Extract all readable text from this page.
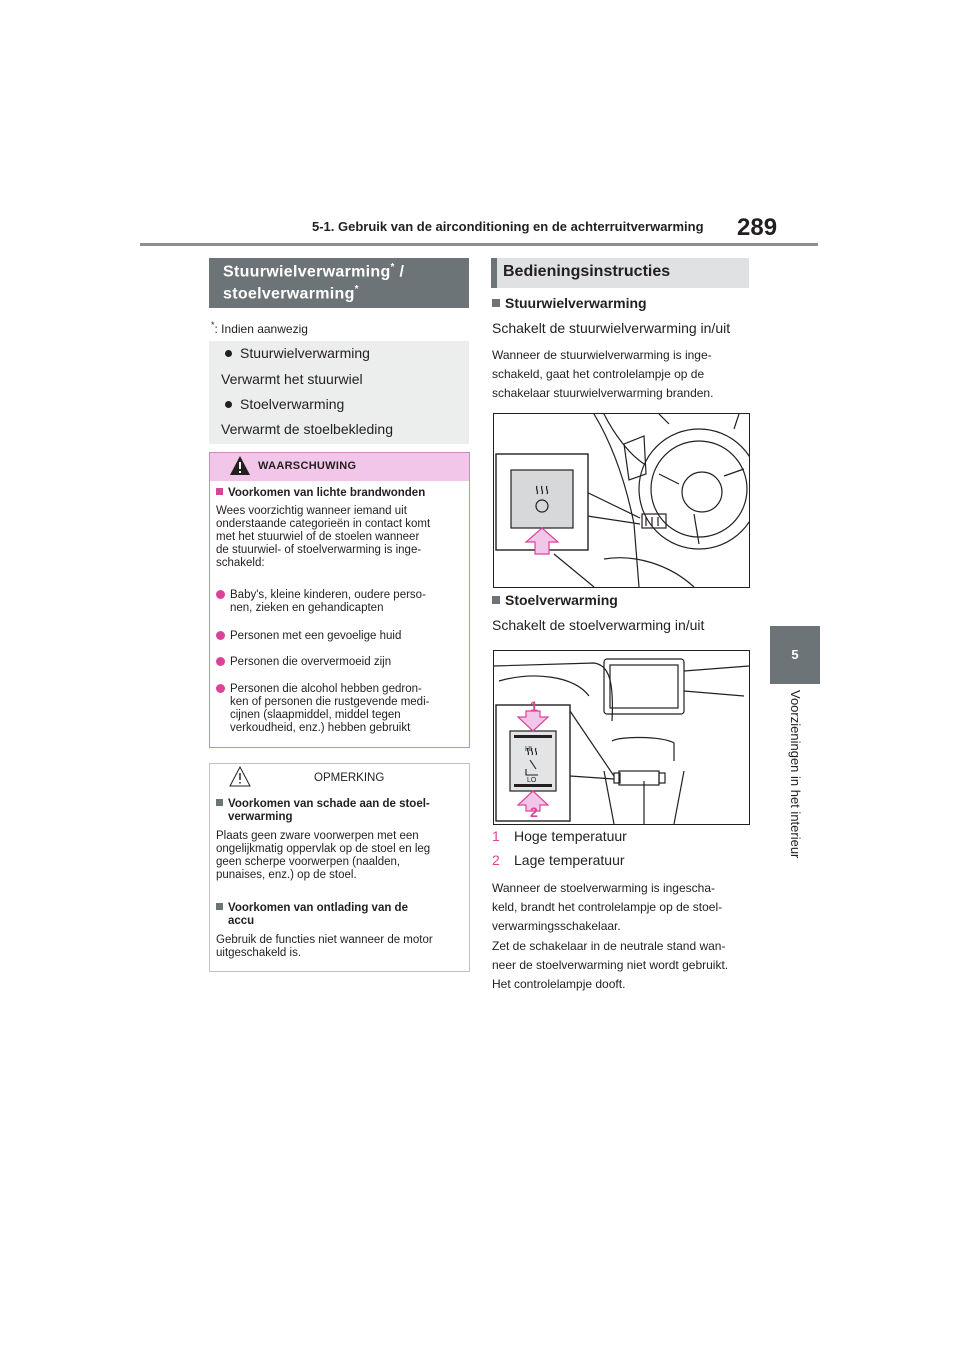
5-1. Gebruik van de airconditioning en de achterruitverwarming 289
5
Voorzieningen in het interieur
Stuurwielverwarming* /
stoelverwarming*
*: Indien aanwezig
Stuurwielverwarming
Verwarmt het stuurwiel
Stoelverwarming
Verwarmt de stoelbekleding
WAARSCHUWING
Voorkomen van lichte brandwonden
Wees voorzichtig wanneer iemand uit
onderstaande categorieën in contact komt
met het stuurwiel of de stoelen wanneer
de stuurwiel- of stoelverwarming is inge-
schakeld:
Baby's, kleine kinderen, oudere perso-
nen, zieken en gehandicapten
Personen met een gevoelige huid
Personen die oververmoeid zijn
Personen die alcohol hebben gedron-
ken of personen die rustgevende medi-
cijnen (slaapmiddel, middel tegen
verkoudheid, enz.) hebben gebruikt
OPMERKING
Voorkomen van schade aan de stoel-
verwarming
Plaats geen zware voorwerpen met een
ongelijkmatig oppervlak op de stoel en leg
geen scherpe voorwerpen (naalden,
punaises, enz.) op de stoel.
Voorkomen van ontlading van de
accu
Gebruik de functies niet wanneer de motor
uitgeschakeld is.
Bedieningsinstructies
Stuurwielverwarming
Schakelt de stuurwielverwarming in/uit
Wanneer de stuurwielverwarming is inge-
schakeld, gaat het controlelampje op de
schakelaar stuurwielverwarming branden.
Stoelverwarming
Schakelt de stoelverwarming in/uit
HI
LO
1
2
1 Hoge temperatuur
2 Lage temperatuur
Wanneer de stoelverwarming is ingescha-
keld, brandt het controlelampje op de stoel-
verwarmingsschakelaar.
Zet de schakelaar in de neutrale stand wan-
neer de stoelverwarming niet wordt gebruikt.
Het controlelampje dooft.
